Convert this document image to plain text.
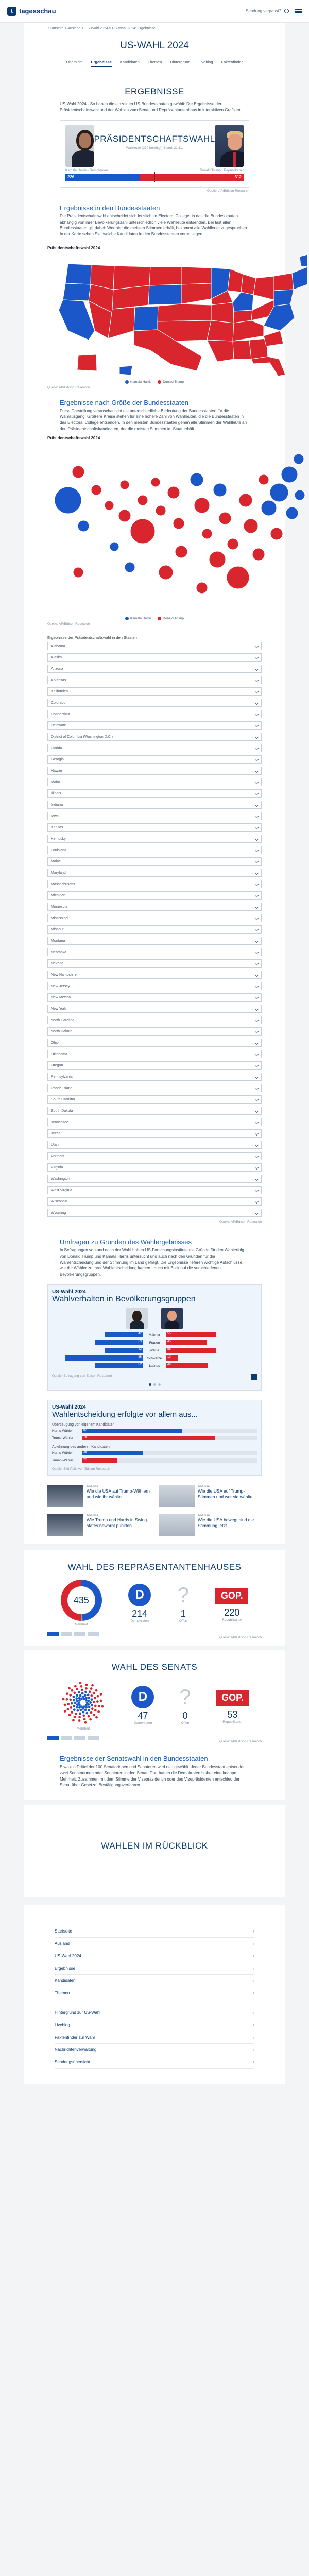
t tagesschau	Sendung verpasst?
Startseite > Ausland > US-Wahl 2024 > US-Wahl 2024: Ergebnisse
US-WAHL 2024
Übersicht Ergebnisse Kandidaten Themen Hintergrund Liveblog Faktenfinder
ERGEBNISSE
US-Wahl 2024 - So haben die einzelnen US-Bundesstaaten gewählt: Die Ergebnisse der Präsidentschaftswahl und der Wahlen zum Senat und Repräsentantenhaus in interaktiven Grafiken.
PRÄSIDENTSCHAFTSWAHL
Wahlleute (270 benötigt) Stand: 21.11.
Kamala Harris · Demokraten	Donald Trump · Republikaner
226	312
Quelle: AP/Edison Research
Ergebnisse in den Bundesstaaten
Die Präsidentschaftswahl entscheidet sich letztlich im Electoral College, in das die Bundesstaaten abhängig von ihrer Bevölkerungszahl unterschiedlich viele Wahlleute entsenden. Bei fast allen Bundesstaaten gilt dabei: Wer hier die meisten Stimmen erhält, bekommt alle Wahlleute zugesprochen. In der Karte sehen Sie, welche Kandidaten in den Bundesstaaten vorne liegen.
Präsidentschaftswahl 2024
Kamala Harris	Donald Trump
Quelle: AP/Edison Research
Ergebnisse nach Größe der Bundesstaaten
Diese Darstellung veranschaulicht die unterschiedliche Bedeutung der Bundesstaaten für die Wahlausgang: Größere Kreise stehen für eine höhere Zahl von Wahlleuten, die die Bundesstaaten in das Electoral College entsenden. In den meisten Bundesstaaten gehen alle Stimmen der Wahlleute an den Präsidentschaftskandidaten, der die meisten Stimmen im Staat erhält.
Präsidentschaftswahl 2024
Kamala Harris	Donald Trump
Quelle: AP/Edison Research
Ergebnisse der Präsidentschaftswahl in den Staaten
Alabama
Alaska
Arizona
Arkansas
Kalifornien
Colorado
Connecticut
Delaware
District of Columbia (Washington D.C.)
Florida
Georgia
Hawaii
Idaho
Illinois
Indiana
Iowa
Kansas
Kentucky
Louisiana
Maine
Maryland
Massachusetts
Michigan
Minnesota
Mississippi
Missouri
Montana
Nebraska
Nevada
New Hampshire
New Jersey
New Mexico
New York
North Carolina
North Dakota
Ohio
Oklahoma
Oregon
Pennsylvania
Rhode Island
South Carolina
South Dakota
Tennessee
Texas
Utah
Vermont
Virginia
Washington
West Virginia
Wisconsin
Wyoming
Quelle: AP/Edison Research
Umfragen zu Gründen des Wahlergebnisses
In Befragungen von und nach der Wahl haben US-Forschungsinstitute die Gründe für den Wahlerfolg von Donald Trump und Kamala Harris untersucht und auch nach den Gründen für die Wahlentscheidung und der Stimmung im Land gefragt. Die Ergebnisse lieferen wichtige Aufschlüsse, wie die Wähler zu Ihrer Wahlentscheidung kamen - auch mit Blick auf die verschiedenen Bevölkerungsgruppen.
US-Wahl 2024
Wahlverhalten in Bevölkerungsgruppen
42	Männer	55
53	Frauen	45
42	Weiße	55
86	Schwarze	13
52	Latinos	46
Quelle: Befragung von Edison Research
US-Wahl 2024
Wahlentscheidung erfolgte vor allem aus...
Überzeugung von eigenem Kandidaten
Harris-Wähler	57
Trump-Wähler	76
Ablehnung des anderen Kandidaten
Harris-Wähler	35
Trump-Wähler	20
Quelle: Exit Polls von Edison Research
Analyse
Wie die USA auf Trump-Wählern und wie ihr wählte
Analyse
Wie die USA auf Trump-Stimmen und wer sie wählte
Analyse
Wie Trump und Harris in Swing-states bewarbt punkten
Analyse
Wie die USA bewegt sind die Stimmung jetzt
WAHL DES REPRÄSENTANTENHAUSES
435
Mehrheit
D
214
Demokraten
?
1
Offen
GOP.
220
Republikaner
Quelle: AP/Edison Research
WAHL DES SENATS
Mehrheit
D
47
Demokraten
?
0
Offen
GOP.
53
Republikaner
Quelle: AP/Edison Research
Ergebnisse der Senatswahl in den Bundesstaaten
Etwa ein Drittel der 100 Senatorinnen und Senatoren wird neu gewählt. Jeder Bundesstaat entsendet zwei Senatorinnen oder Senatoren in den Senat. Dort hatten die Demokraten bisher eine knappe Mehrheit. Zusammen mit dem Stimme der Vizepräsidentin oder des Vizepräsidenten entschied der Senat über Gesetze, Bestätigungsverfahren.
WAHLEN IM RÜCKBLICK
Startseite	›
Ausland	›
US-Wahl 2024	›
Ergebnisse	›
Kandidaten	›
Themen	›
Hintergrund zur US-Wahl	›
Liveblog	›
Faktenfinder zur Wahl	›
Nachrichtenverwaltung	›
Sendungsübersicht	›
